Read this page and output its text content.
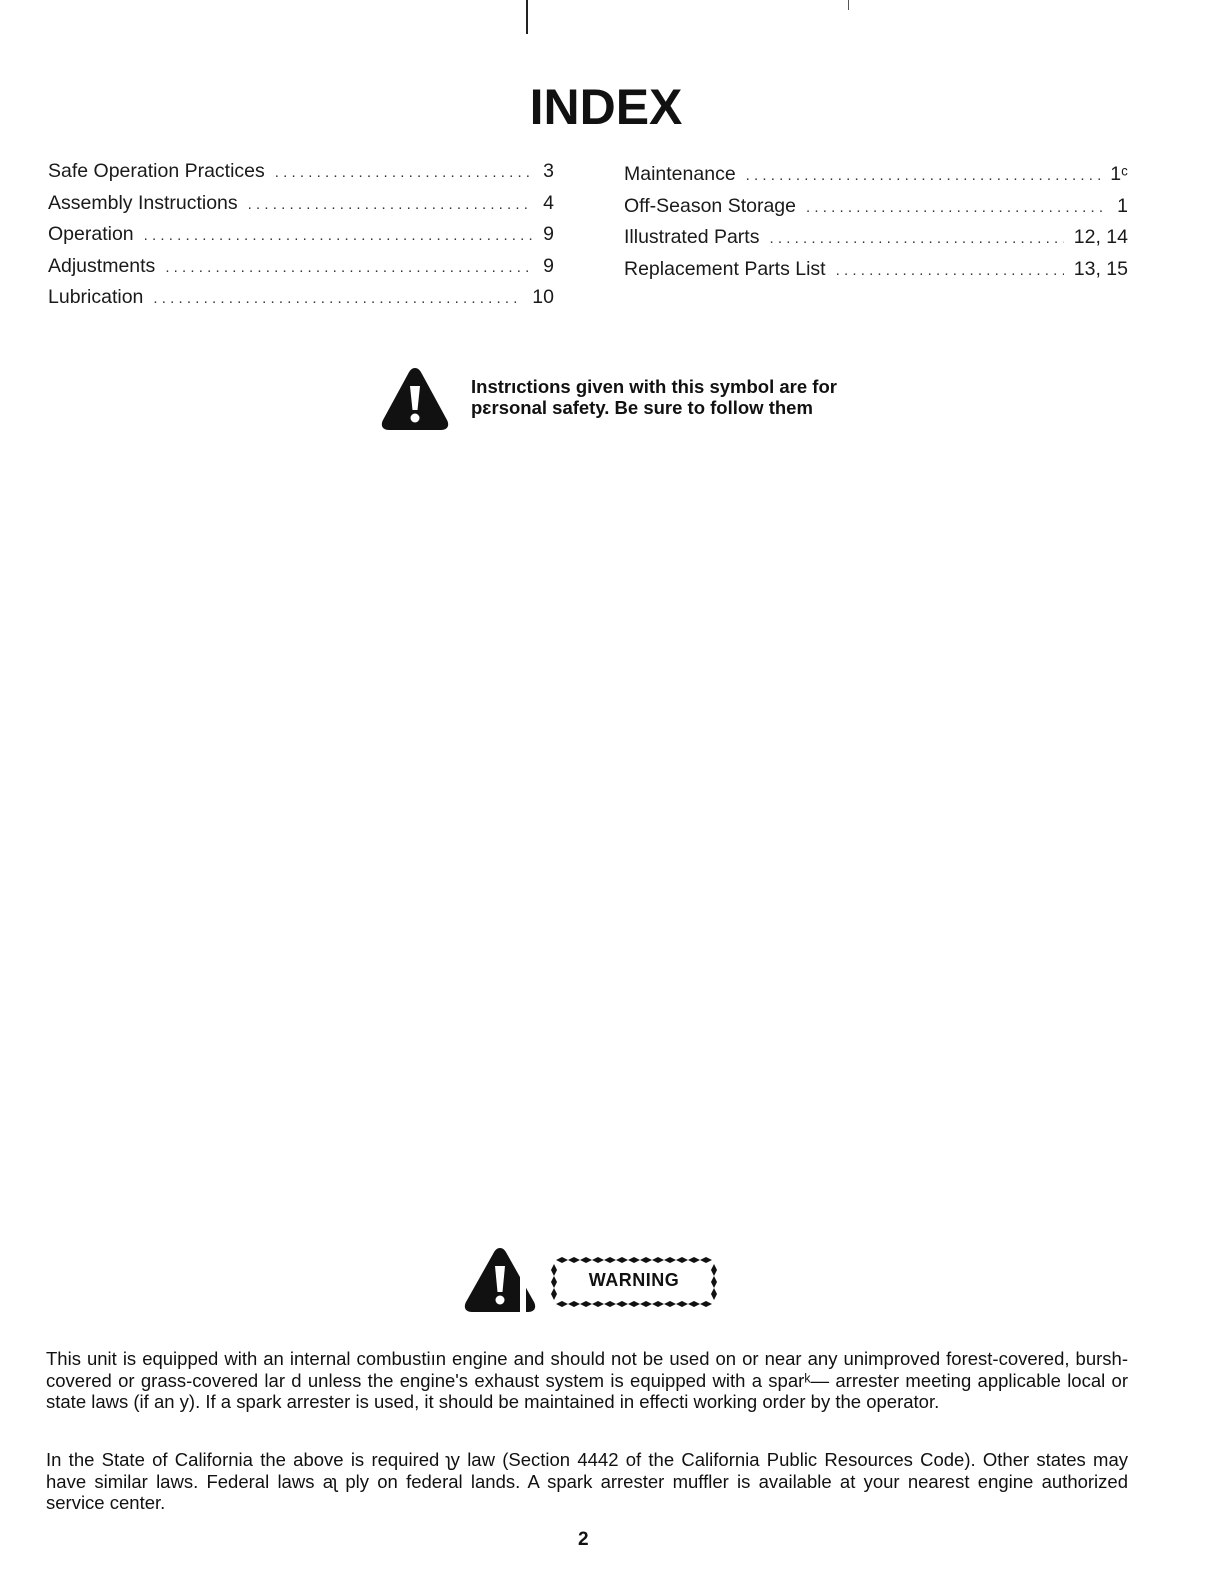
INDEX
Safe Operation Practices .....	3
Assembly Instructions .....	4
Operation .....	9
Adjustments .....	9
Lubrication .....	10
Maintenance .....	1ᶜ
Off-Season Storage .....	1
Illustrated Parts .....	12, 14
Replacement Parts List .....	13, 15
Instrıctions given with this symbol are for pɛrsonal safety. Be sure to follow them
WARNING
This unit is equipped with an internal combustiın engine and should not be used on or near any unimproved forest-covered, bursh-covered or grass-covered lar d unless the engine's exhaust system is equipped with a sparᵏ— arrester meeting applicable local or state laws (if an y). If a spark arrester is used, it should be maintained in effecti working order by the operator.
In the State of California the above is required ʅy law (Section 4442 of the California Public Resources Code). Other states may have similar laws. Federal laws aʅ ply on federal lands. A spark arrester muffler is available at your nearest engine authorized service center.
2
